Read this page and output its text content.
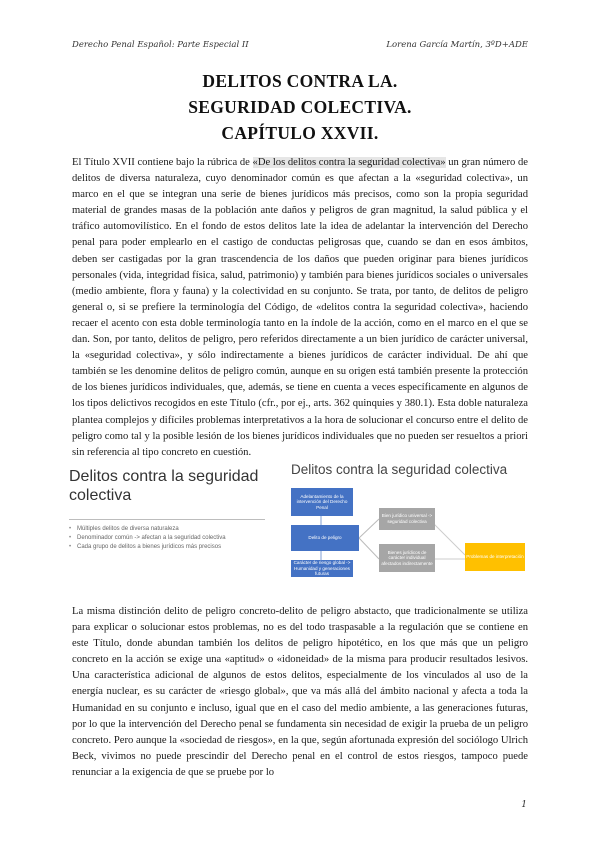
Derecho Penal Español: Parte Especial II	Lorena García Martín, 3ºD+ADE
DELITOS CONTRA LA.
SEGURIDAD COLECTIVA.
CAPÍTULO XXVII.

El Título XVII contiene bajo la rúbrica de «De los delitos contra la seguridad colectiva» un gran número de delitos de diversa naturaleza, cuyo denominador común es que afectan a la «seguridad colectiva», un marco en el que se integran una serie de bienes jurídicos más precisos, como son la propia seguridad material de grandes masas de la población ante daños y peligros de gran magnitud, la salud pública y el tráfico automovilístico. En el fondo de estos delitos late la idea de adelantar la intervención del Derecho penal para poder emplearlo en el castigo de conductas peligrosas que, cuando se dan en esos ámbitos, deben ser castigadas por la gran trascendencia de los daños que pueden originar para bienes jurídicos personales (vida, integridad física, salud, patrimonio) y también para bienes jurídicos sociales o universales (medio ambiente, flora y fauna) y la colectividad en su conjunto. Se trata, por tanto, de delitos de peligro general o, si se prefiere la terminología del Código, de «delitos contra la seguridad colectiva», haciendo recaer el acento con esta doble terminología tanto en la índole de la acción, como en el marco en el que se dan. Son, por tanto, delitos de peligro, pero referidos directamente a un bien jurídico de carácter universal, la «seguridad colectiva», y sólo indirectamente a bienes jurídicos de carácter individual. De ahí que también se les denomine delitos de peligro común, aunque en su origen está también presente la protección de los bienes jurídicos individuales, que, además, se tiene en cuenta a veces específicamente en algunos de los tipos delictivos recogidos en este Título (cfr., por ej., arts. 362 quinquies y 380.1). Esta doble naturaleza plantea complejos y difíciles problemas interpretativos a la hora de solucionar el concurso entre el delito de peligro como tal y la posible lesión de los bienes jurídicos individuales que no pueden ser resueltos a priori sin referencia al tipo concreto en cuestión.

Delitos contra la seguridad colectiva
• Múltiples delitos de diversa naturaleza
• Denominador común -> afectan a la seguridad colectiva
• Cada grupo de delitos a bienes jurídicos más precisos
Delitos contra la seguridad colectiva
Adelantamiento de la intervención del Derecho Penal
Delito de peligro
Carácter de riesgo global -> Humanidad y generaciones futuras
Bien jurídico universal -> seguridad colectiva
Bienes jurídicos de carácter individual afectados indirectamente
Problemas de interpretación

La misma distinción delito de peligro concreto-delito de peligro abstacto, que tradicionalmente se utiliza para explicar o solucionar estos problemas, no es del todo traspasable a la regulación que se contiene en este Título, donde abundan también los delitos de peligro hipotético, en los que más que un peligro concreto en la acción se exige una «aptitud» o «idoneidad» de la misma para producir resultados lesivos. Una característica adicional de algunos de estos delitos, especialmente de los vinculados al uso de la energía nuclear, es su carácter de «riesgo global», que va más allá del ámbito nacional y afecta a toda la Humanidad en su conjunto e incluso, igual que en el caso del medio ambiente, a las generaciones futuras, por lo que la intervención del Derecho penal se fundamenta sin necesidad de exigir la prueba de un peligro concreto. Pero aunque la «sociedad de riesgos», en la que, según afortunada expresión del sociólogo Ulrich Beck, vivimos no puede prescindir del Derecho penal en el control de estos riesgos, tampoco puede renunciar a la exigencia de que se pruebe por lo

1
